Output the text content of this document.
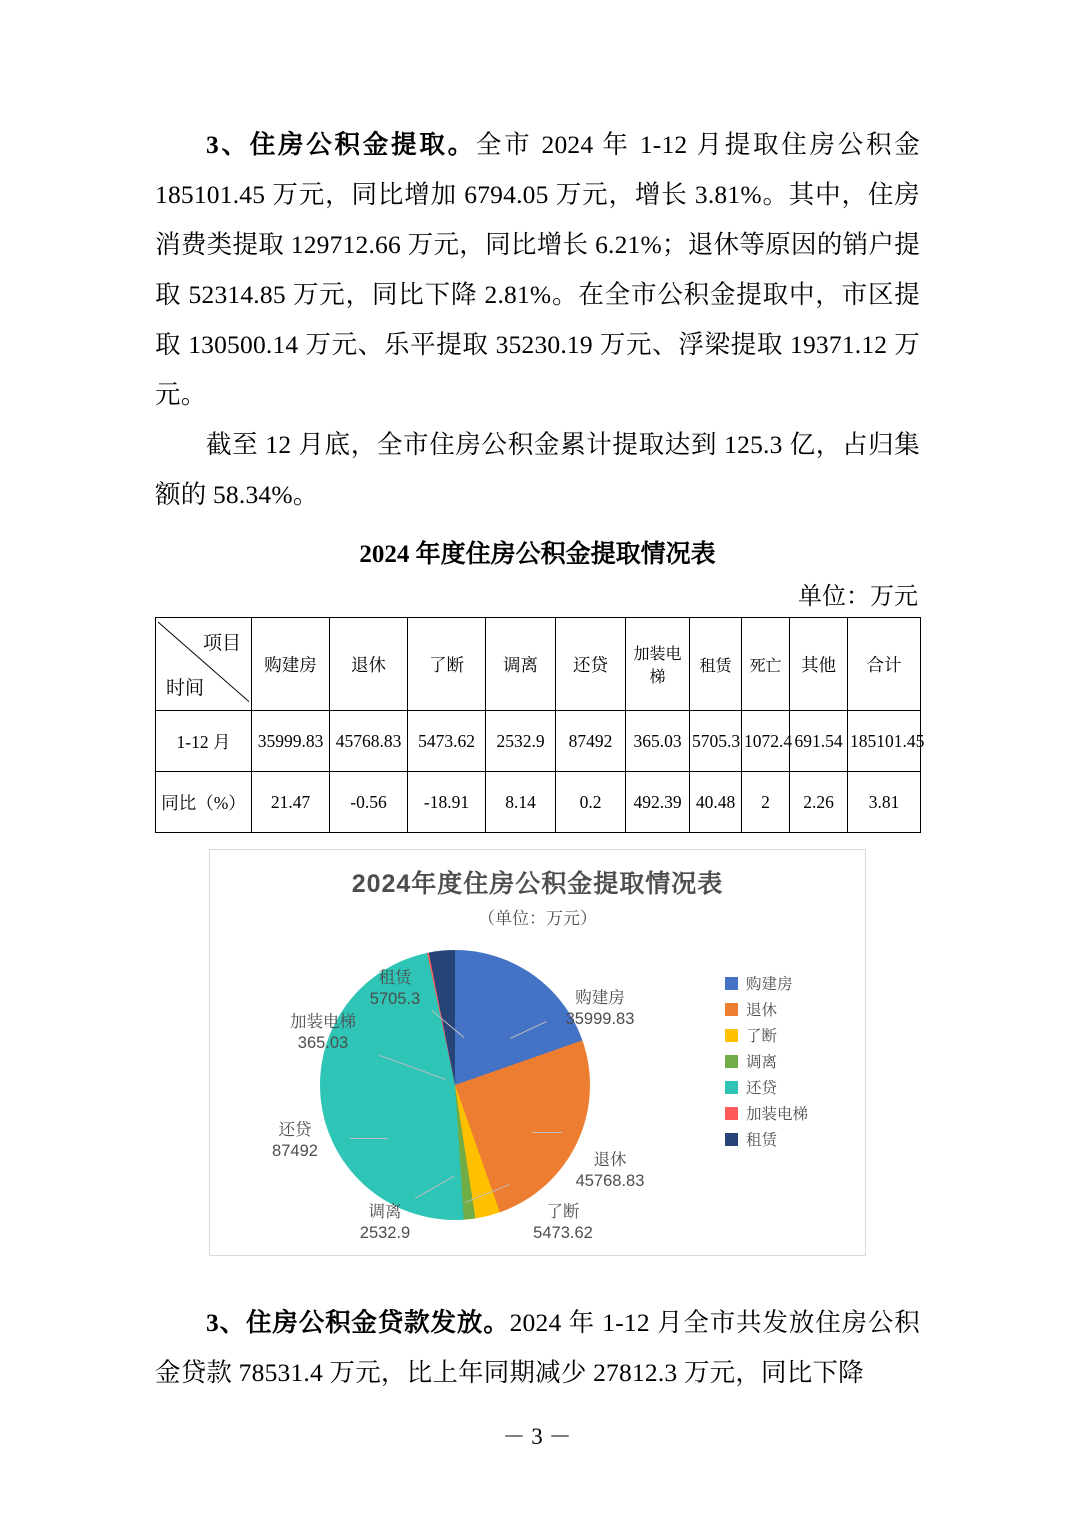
3、住房公积金提取。全市 2024 年 1-12 月提取住房公积金 185101.45 万元，同比增加 6794.05 万元，增长 3.81%。其中，住房消费类提取 129712.66 万元，同比增长 6.21%；退休等原因的销户提取 52314.85 万元，同比下降 2.81%。在全市公积金提取中，市区提取 130500.14 万元、乐平提取 35230.19 万元、浮梁提取 19371.12 万元。

截至 12 月底，全市住房公积金累计提取达到 125.3 亿，占归集额的 58.34%。

2024 年度住房公积金提取情况表
单位：万元
项目
时间	购建房	退休	了断	调离	还贷	加装电梯	租赁	死亡	其他	合计
1-12 月	35999.83	45768.83	5473.62	2532.9	87492	365.03	5705.3	1072.4	691.54	185101.45
同比（%）	21.47	-0.56	-18.91	8.14	0.2	492.39	40.48	2	2.26	3.81
2024年度住房公积金提取情况表
（单位：万元）
租赁
5705.3
加装电梯
365.03
还贷
87492
调离
2532.9
了断
5473.62
退休
45768.83
购建房
35999.83
购建房
退休
了断
调离
还贷
加装电梯
租赁

3、住房公积金贷款发放。2024 年 1-12 月全市共发放住房公积金贷款 78531.4 万元，比上年同期减少 27812.3 万元，同比下降

－ 3 －
